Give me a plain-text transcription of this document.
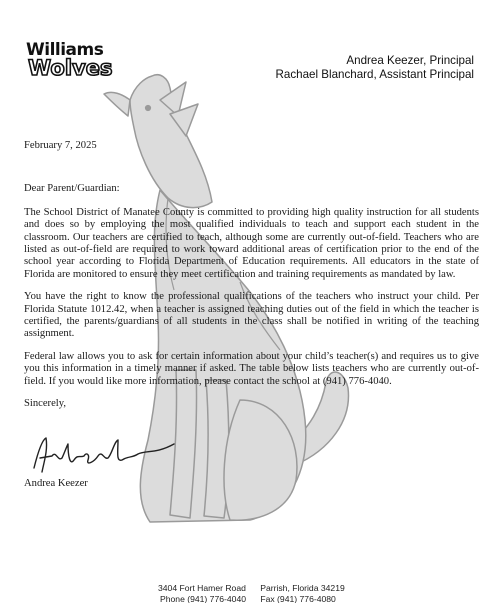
Williams
Wolves	Andrea Keezer, Principal
Rachael Blanchard, Assistant Principal

February 7, 2025

Dear Parent/Guardian:

The School District of Manatee County is committed to providing high quality instruction for all students and does so by employing the most qualified individuals to teach and support each student in the classroom. Our teachers are certified to teach, although some are currently out-of-field. Teachers who are listed as out-of-field are required to work toward additional areas of certification prior to the end of the school year according to Florida Department of Education requirements. All educators in the state of Florida are monitored to ensure they meet certification and training requirements as mandated by law.

You have the right to know the professional qualifications of the teachers who instruct your child. Per Florida Statute 1012.42, when a teacher is assigned teaching duties out of the field in which the teacher is certified, the parents/guardians of all students in the class shall be notified in writing of the teaching assignment.

Federal law allows you to ask for certain information about your child’s teacher(s) and requires us to give you this information in a timely manner if asked. The table below lists teachers who are currently out-of-field. If you would like more information, please contact the school at (941) 776-4040.

Sincerely,

Andrea Keezer
3404 Fort Hamer Road Parrish, Florida 34219
Phone (941) 776-4040 Fax (941) 776-4080
